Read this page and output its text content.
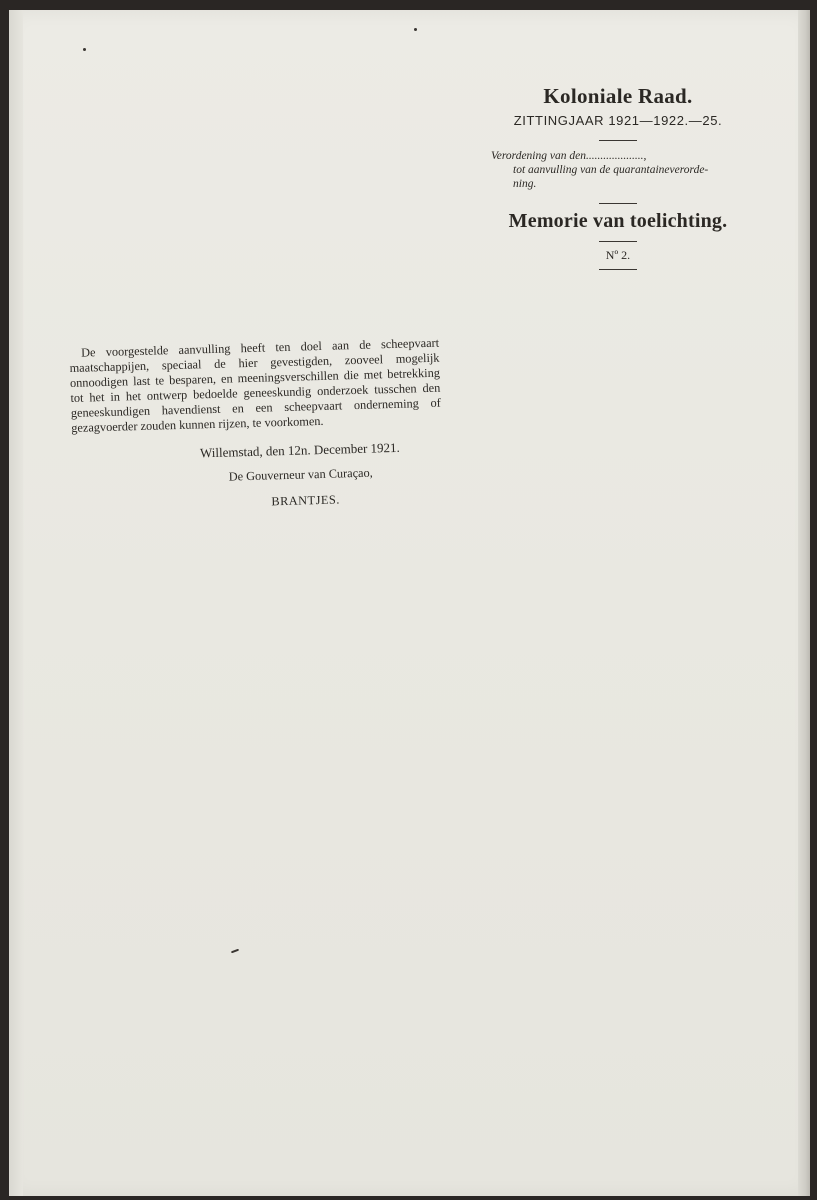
Koloniale Raad.
ZITTINGJAAR 1921—1922.—25.
Verordening van den....................,
tot aanvulling van de quarantaineverorde-
ning.
Memorie van toelichting.
Nº 2.

De voorgestelde aanvulling heeft ten doel aan de scheepvaart maatschappijen, speciaal de hier gevestigden, zooveel mogelijk onnoodigen last te besparen, en meeningsverschillen die met betrekking tot het in het ontwerp bedoelde geneeskundig onderzoek tusschen den geneeskundigen havendienst en een scheepvaart onderneming of gezagvoerder zouden kunnen rijzen, te voorkomen.

Willemstad, den 12n. December 1921.
De Gouverneur van Curaçao,
BRANTJES.
